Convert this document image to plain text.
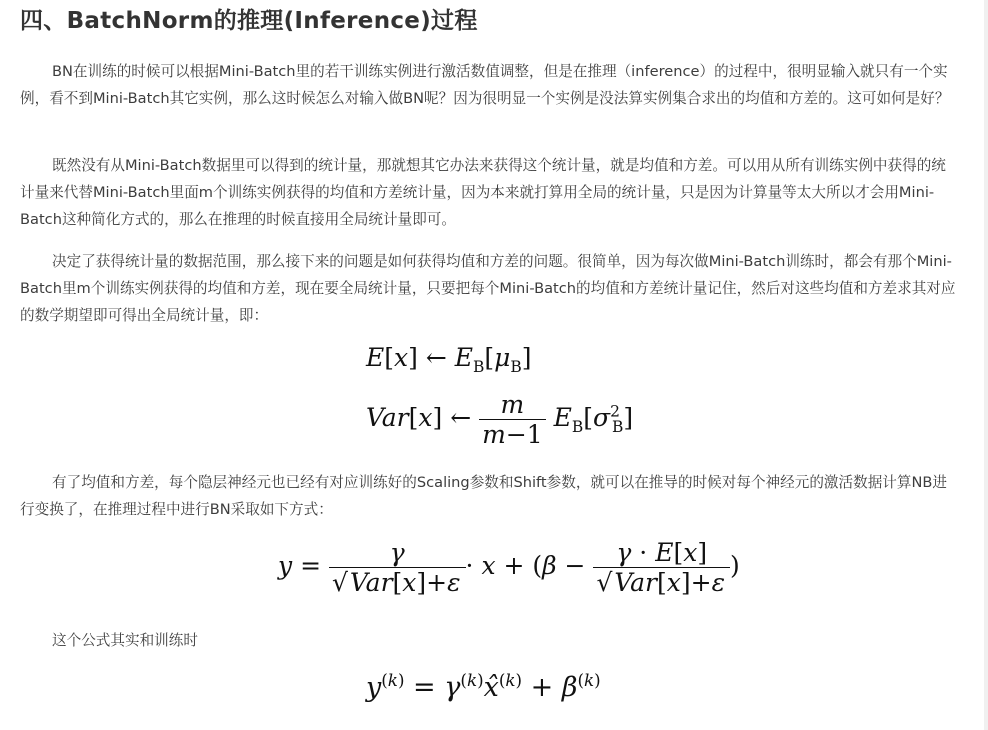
四、BatchNorm的推理(Inference)过程

BN在训练的时候可以根据Mini-Batch里的若干训练实例进行激活数值调整，但是在推理（inference）的过程中，很明显输入就只有一个实例，看不到Mini-Batch其它实例，那么这时候怎么对输入做BN呢？因为很明显一个实例是没法算实例集合求出的均值和方差的。这可如何是好？

既然没有从Mini-Batch数据里可以得到的统计量，那就想其它办法来获得这个统计量，就是均值和方差。可以用从所有训练实例中获得的统计量来代替Mini-Batch里面m个训练实例获得的均值和方差统计量，因为本来就打算用全局的统计量，只是因为计算量等太大所以才会用Mini-Batch这种简化方式的，那么在推理的时候直接用全局统计量即可。

决定了获得统计量的数据范围，那么接下来的问题是如何获得均值和方差的问题。很简单，因为每次做Mini-Batch训练时，都会有那个Mini-Batch里m个训练实例获得的均值和方差，现在要全局统计量，只要把每个Mini-Batch的均值和方差统计量记住，然后对这些均值和方差求其对应的数学期望即可得出全局统计量，即：

E[x] ← $E_B[\mu_B]$
Var[x] ← $\frac{m}{m-1} E_B[\sigma^2_B]$

有了均值和方差，每个隐层神经元也已经有对应训练好的Scaling参数和Shift参数，就可以在推导的时候对每个神经元的激活数据计算NB进行变换了，在推理过程中进行BN采取如下方式：

$y = \frac{\gamma}{\text{√Var[x]+ε}} \cdot x + (\beta - \frac{\gamma \cdot E[x]}{\text{√Var[x]+ε}}$ )

这个公式其实和训练时

$y^{(k)}$ = $\gamma^{(k)}x̂^{(k)} + \beta^{(k)}$
